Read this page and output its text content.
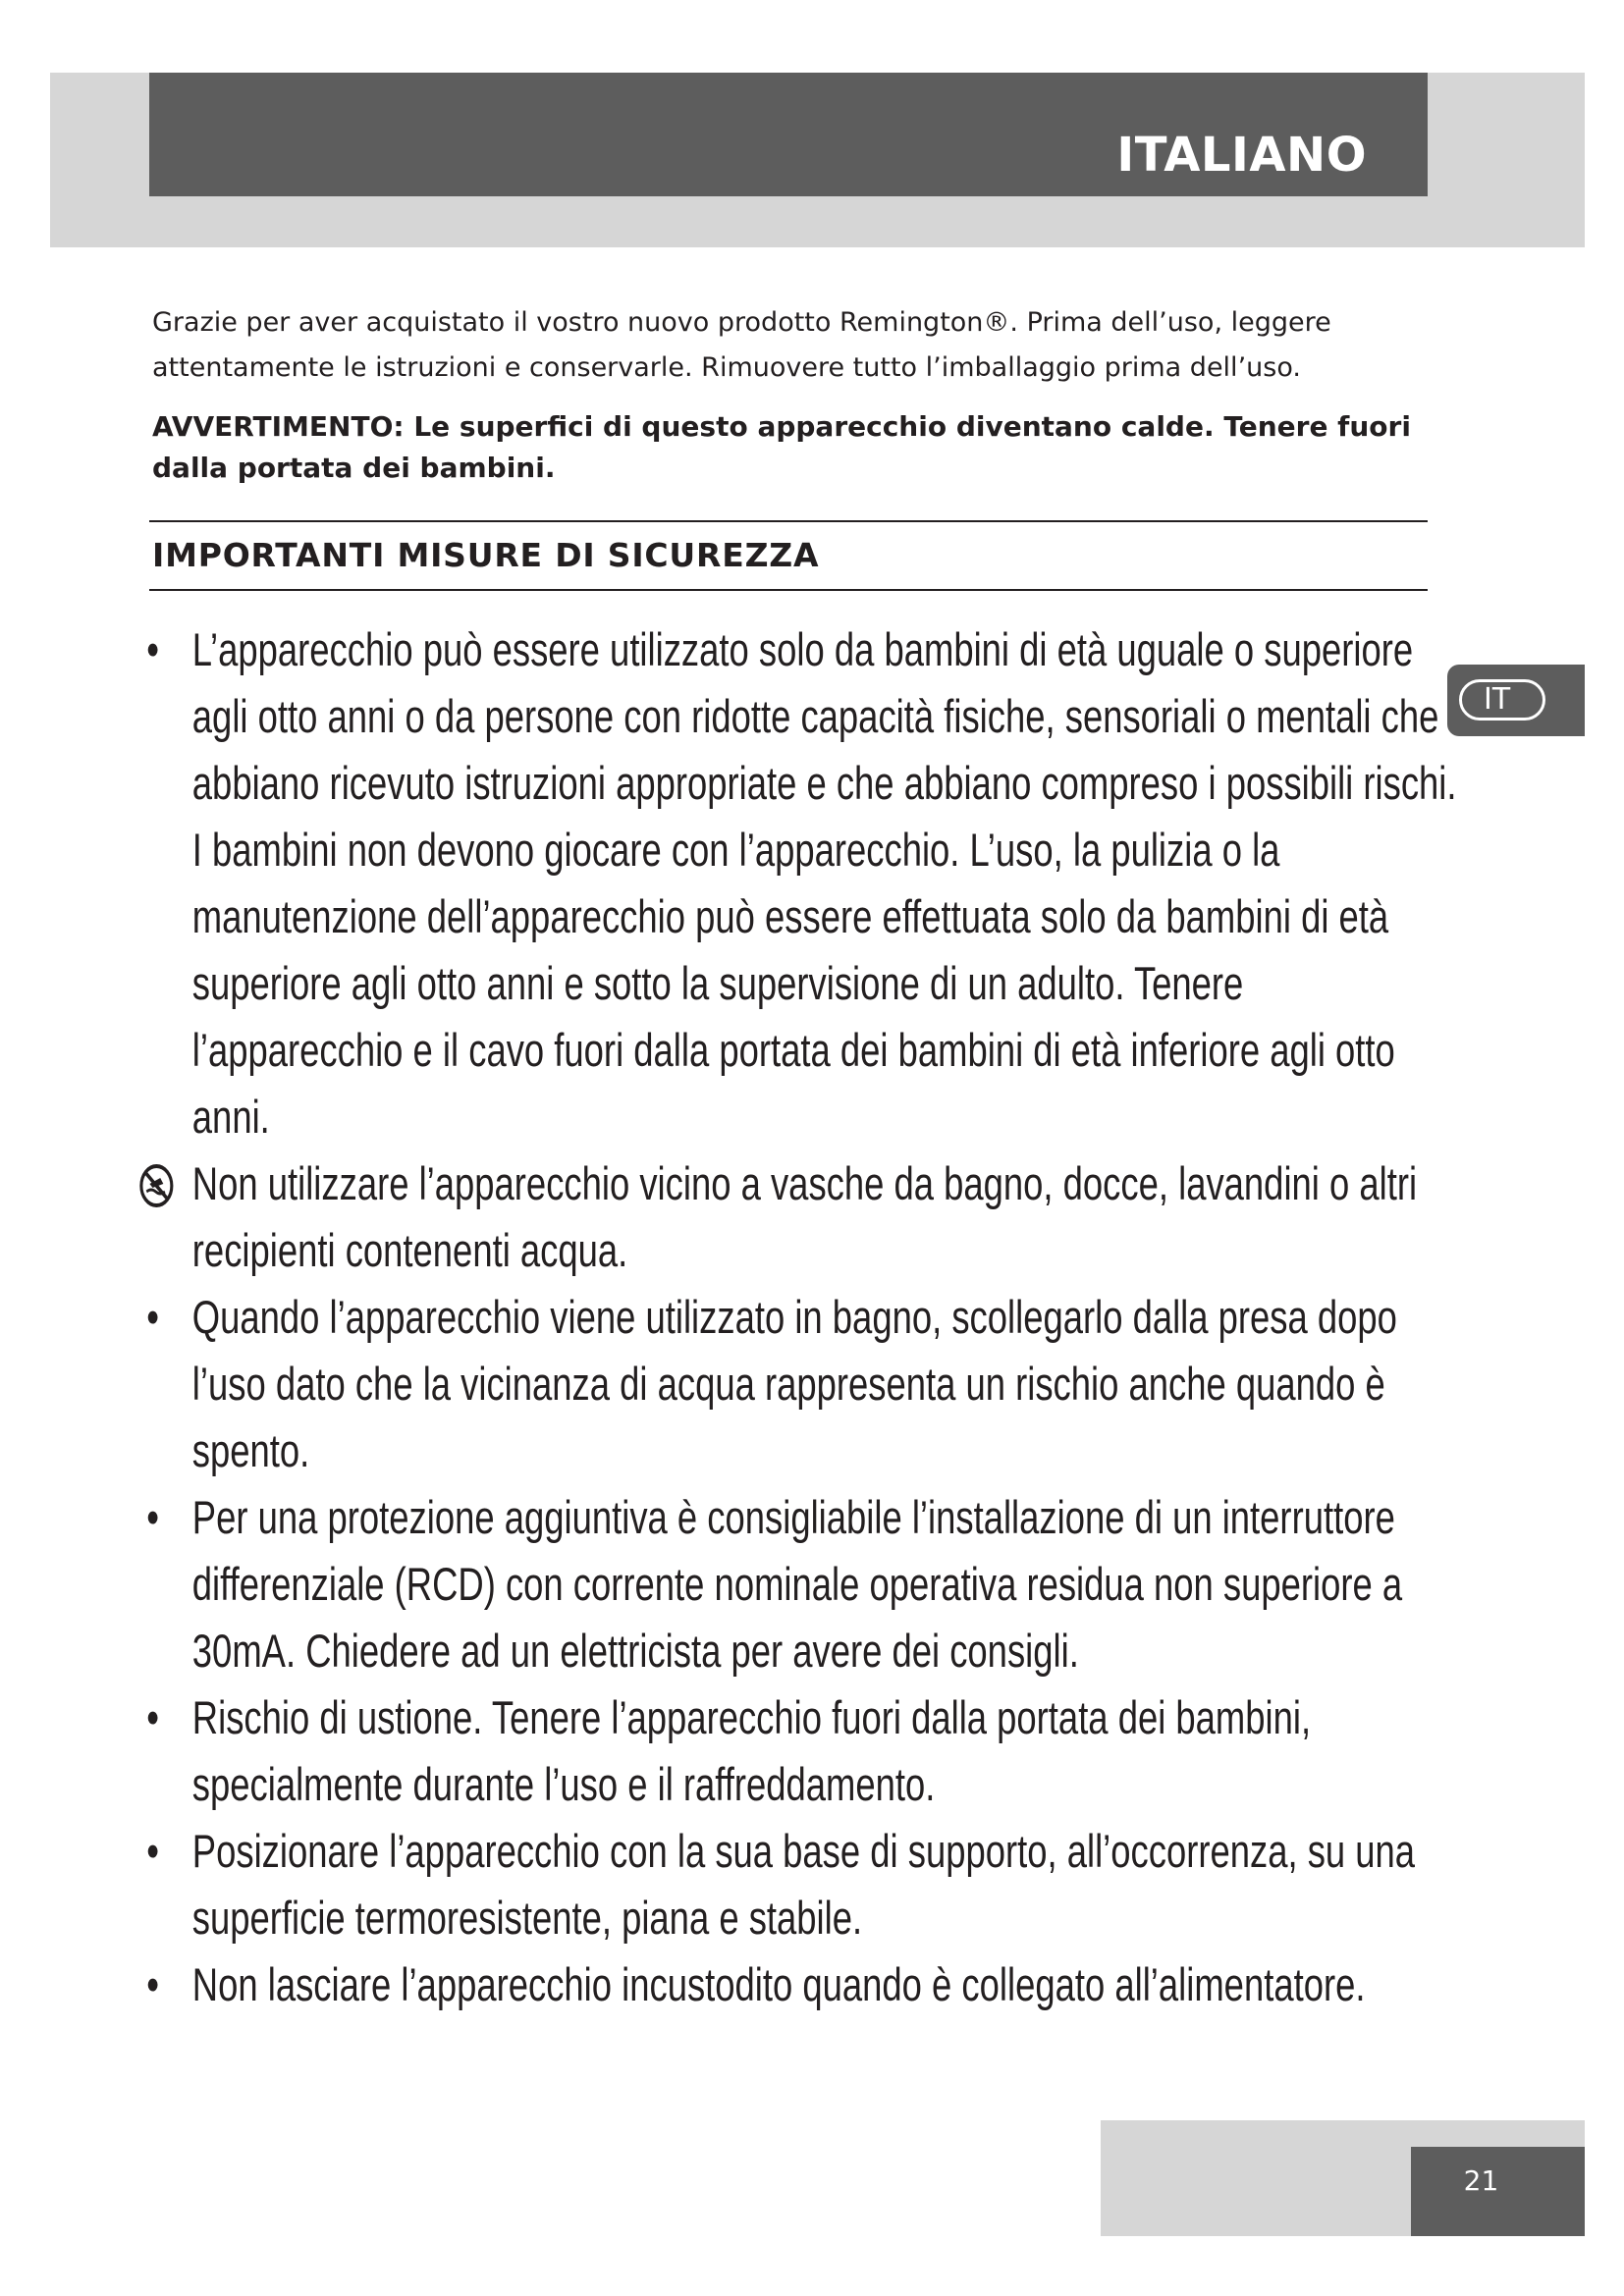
ITALIANO
IT

Grazie per aver acquistato il vostro nuovo prodotto Remington®. Prima dell’uso, leggere attentamente le istruzioni e conservarle. Rimuovere tutto l’imballaggio prima dell’uso.

AVVERTIMENTO: Le superfici di questo apparecchio diventano calde. Tenere fuori dalla portata dei bambini.

IMPORTANTI MISURE DI SICUREZZA
• L’apparecchio può essere utilizzato solo da bambini di età uguale o superiore agli otto anni o da persone con ridotte capacità fisiche, sensoriali o mentali che abbiano ricevuto istruzioni appropriate e che abbiano compreso i possibili rischi. I bambini non devono giocare con l’apparecchio. L’uso, la pulizia o la manutenzione dell’apparecchio può essere effettuata solo da bambini di età superiore agli otto anni e sotto la supervisione di un adulto. Tenere l’apparecchio e il cavo fuori dalla portata dei bambini di età inferiore agli otto anni.
Non utilizzare l’apparecchio vicino a vasche da bagno, docce, lavandini o altri recipienti contenenti acqua.
• Quando l’apparecchio viene utilizzato in bagno, scollegarlo dalla presa dopo l’uso dato che la vicinanza di acqua rappresenta un rischio anche quando è spento.
• Per una protezione aggiuntiva è consigliabile l’installazione di un interruttore differenziale (RCD) con corrente nominale operativa residua non superiore a 30mA. Chiedere ad un elettricista per avere dei consigli.
• Rischio di ustione. Tenere l’apparecchio fuori dalla portata dei bambini, specialmente durante l’uso e il raffreddamento.
• Posizionare l’apparecchio con la sua base di supporto, all’occorrenza, su una superficie termoresistente, piana e stabile.
• Non lasciare l’apparecchio incustodito quando è collegato all’alimentatore.
21
